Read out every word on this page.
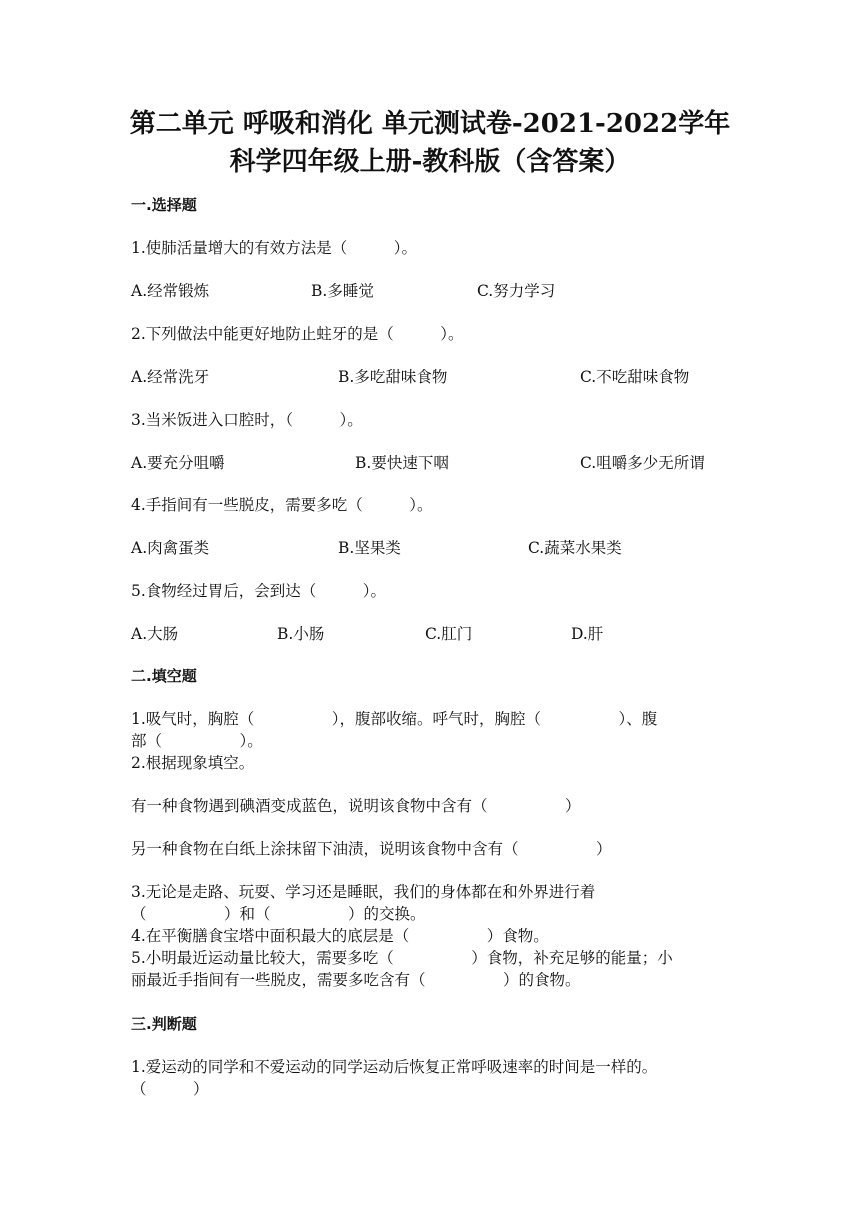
第二单元 呼吸和消化 单元测试卷-2021-2022学年
科学四年级上册-教科版（含答案）
一.选择题
1.使肺活量增大的有效方法是（　　　）。
A.经常锻炼	B.多睡觉	C.努力学习
2.下列做法中能更好地防止蛀牙的是（　　　）。
A.经常洗牙	B.多吃甜味食物	C.不吃甜味食物
3.当米饭进入口腔时，（　　　）。
A.要充分咀嚼	B.要快速下咽	C.咀嚼多少无所谓
4.手指间有一些脱皮，需要多吃（　　　）。
A.肉禽蛋类	B.坚果类	C.蔬菜水果类
5.食物经过胃后，会到达（　　　）。
A.大肠	B.小肠	C.肛门	D.肝
二.填空题
1.吸气时，胸腔（　　　　　），腹部收缩。呼气时，胸腔（　　　　　）、腹
部（　　　　　）。
2.根据现象填空。
有一种食物遇到碘酒变成蓝色，说明该食物中含有（　　　　　）
另一种食物在白纸上涂抹留下油渍，说明该食物中含有（　　　　　）
3.无论是走路、玩耍、学习还是睡眠，我们的身体都在和外界进行着
（　　　　　）和（　　　　　）的交换。
4.在平衡膳食宝塔中面积最大的底层是（　　　　　）食物。
5.小明最近运动量比较大，需要多吃（　　　　　）食物，补充足够的能量；小
丽最近手指间有一些脱皮，需要多吃含有（　　　　　）的食物。
三.判断题
1.爱运动的同学和不爱运动的同学运动后恢复正常呼吸速率的时间是一样的。
（　　　）
